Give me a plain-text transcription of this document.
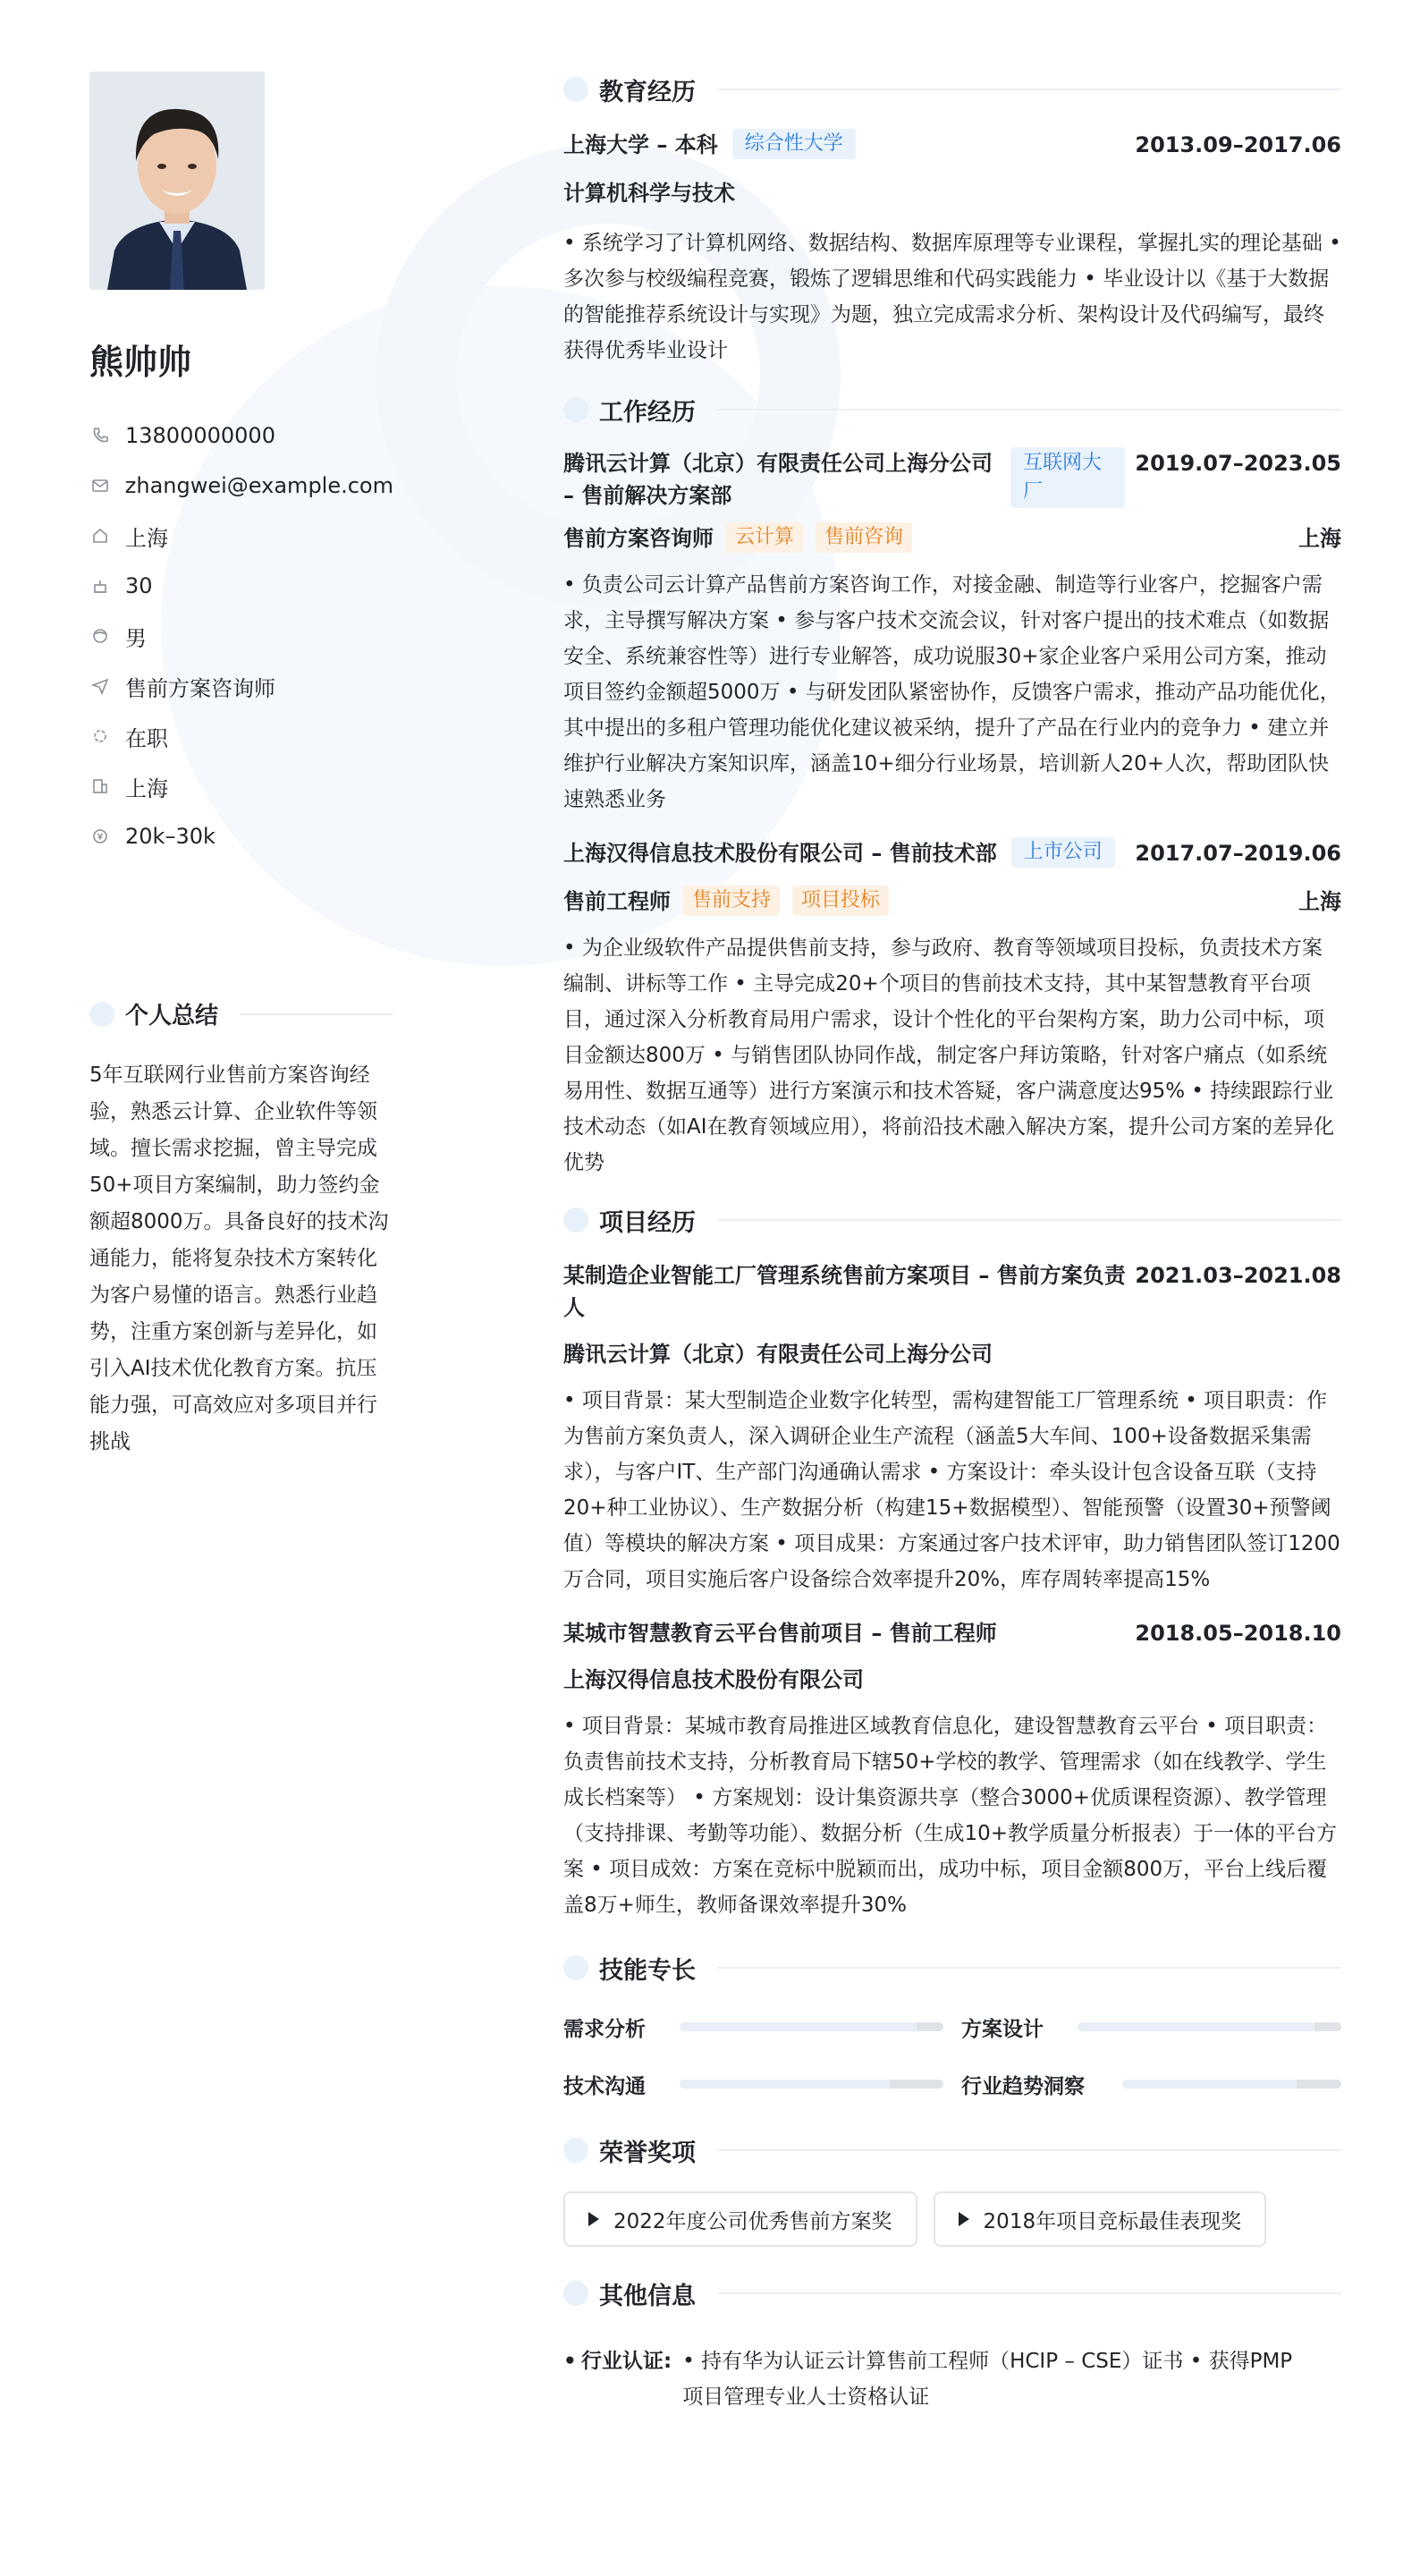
熊帅帅
13800000000
zhangwei@example.com
上海
30
男
售前方案咨询师
在职
上海
20k–30k
个人总结
5年互联网行业售前方案咨询经验，熟悉云计算、企业软件等领域。擅长需求挖掘，曾主导完成50+项目方案编制，助力签约金额超8000万。具备良好的技术沟通能力，能将复杂技术方案转化为客户易懂的语言。熟悉行业趋势，注重方案创新与差异化，如引入AI技术优化教育方案。抗压能力强，可高效应对多项目并行挑战
教育经历
上海大学 – 本科	综合性大学	2013.09–2017.06
计算机科学与技术
• 系统学习了计算机网络、数据结构、数据库原理等专业课程，掌握扎实的理论基础 • 多次参与校级编程竞赛，锻炼了逻辑思维和代码实践能力 • 毕业设计以《基于大数据的智能推荐系统设计与实现》为题，独立完成需求分析、架构设计及代码编写，最终获得优秀毕业设计
工作经历
腾讯云计算（北京）有限责任公司上海分公司 – 售前解决方案部
互联网大厂
2019.07–2023.05
售前方案咨询师	云计算	售前咨询	上海
• 负责公司云计算产品售前方案咨询工作，对接金融、制造等行业客户，挖掘客户需求，主导撰写解决方案 • 参与客户技术交流会议，针对客户提出的技术难点（如数据安全、系统兼容性等）进行专业解答，成功说服30+家企业客户采用公司方案，推动项目签约金额超5000万 • 与研发团队紧密协作，反馈客户需求，推动产品功能优化，其中提出的多租户管理功能优化建议被采纳，提升了产品在行业内的竞争力 • 建立并维护行业解决方案知识库，涵盖10+细分行业场景，培训新人20+人次，帮助团队快速熟悉业务
上海汉得信息技术股份有限公司 – 售前技术部	上市公司	2017.07–2019.06
售前工程师	售前支持	项目投标	上海
• 为企业级软件产品提供售前支持，参与政府、教育等领域项目投标，负责技术方案编制、讲标等工作 • 主导完成20+个项目的售前技术支持，其中某智慧教育平台项目，通过深入分析教育局用户需求，设计个性化的平台架构方案，助力公司中标，项目金额达800万 • 与销售团队协同作战，制定客户拜访策略，针对客户痛点（如系统易用性、数据互通等）进行方案演示和技术答疑，客户满意度达95% • 持续跟踪行业技术动态（如AI在教育领域应用），将前沿技术融入解决方案，提升公司方案的差异化优势
项目经历
某制造企业智能工厂管理系统售前方案项目 – 售前方案负责人
2021.03–2021.08
腾讯云计算（北京）有限责任公司上海分公司
• 项目背景：某大型制造企业数字化转型，需构建智能工厂管理系统 • 项目职责：作为售前方案负责人，深入调研企业生产流程（涵盖5大车间、100+设备数据采集需求），与客户IT、生产部门沟通确认需求 • 方案设计：牵头设计包含设备互联（支持20+种工业协议）、生产数据分析（构建15+数据模型）、智能预警（设置30+预警阈值）等模块的解决方案 • 项目成果：方案通过客户技术评审，助力销售团队签订1200万合同，项目实施后客户设备综合效率提升20%，库存周转率提高15%
某城市智慧教育云平台售前项目 – 售前工程师	2018.05–2018.10
上海汉得信息技术股份有限公司
• 项目背景：某城市教育局推进区域教育信息化，建设智慧教育云平台 • 项目职责：负责售前技术支持，分析教育局下辖50+学校的教学、管理需求（如在线教学、学生成长档案等） • 方案规划：设计集资源共享（整合3000+优质课程资源）、教学管理（支持排课、考勤等功能）、数据分析（生成10+教学质量分析报表）于一体的平台方案 • 项目成效：方案在竞标中脱颖而出，成功中标，项目金额800万，平台上线后覆盖8万+师生，教师备课效率提升30%
技能专长
需求分析	方案设计
技术沟通	行业趋势洞察
荣誉奖项
2022年度公司优秀售前方案奖	2018年项目竞标最佳表现奖
其他信息
• 行业认证: • 持有华为认证云计算售前工程师（HCIP – CSE）证书 • 获得PMP项目管理专业人士资格认证
